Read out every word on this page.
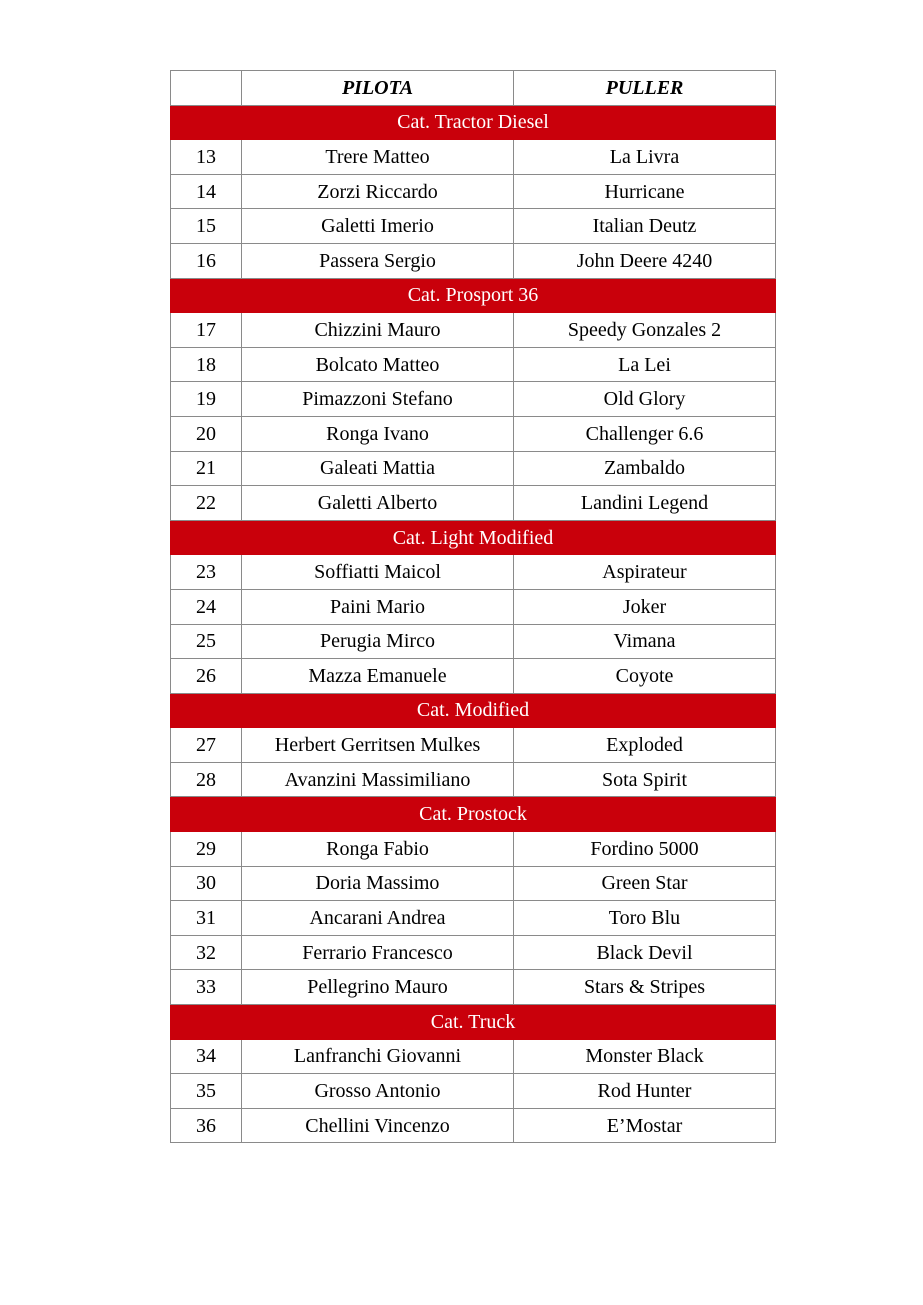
	PILOTA	PULLER
Cat. Tractor Diesel		
13	Trere Matteo	La Livra
14	Zorzi Riccardo	Hurricane
15	Galetti Imerio	Italian Deutz
16	Passera Sergio	John Deere 4240
Cat. Prosport 36		
17	Chizzini Mauro	Speedy Gonzales 2
18	Bolcato Matteo	La Lei
19	Pimazzoni Stefano	Old Glory
20	Ronga Ivano	Challenger 6.6
21	Galeati Mattia	Zambaldo
22	Galetti Alberto	Landini Legend
Cat. Light Modified		
23	Soffiatti Maicol	Aspirateur
24	Paini Mario	Joker
25	Perugia Mirco	Vimana
26	Mazza Emanuele	Coyote
Cat. Modified		
27	Herbert Gerritsen Mulkes	Exploded
28	Avanzini Massimiliano	Sota Spirit
Cat. Prostock		
29	Ronga Fabio	Fordino 5000
30	Doria Massimo	Green Star
31	Ancarani Andrea	Toro Blu
32	Ferrario Francesco	Black Devil
33	Pellegrino Mauro	Stars & Stripes
Cat. Truck		
34	Lanfranchi Giovanni	Monster Black
35	Grosso Antonio	Rod Hunter
36	Chellini Vincenzo	E’Mostar
